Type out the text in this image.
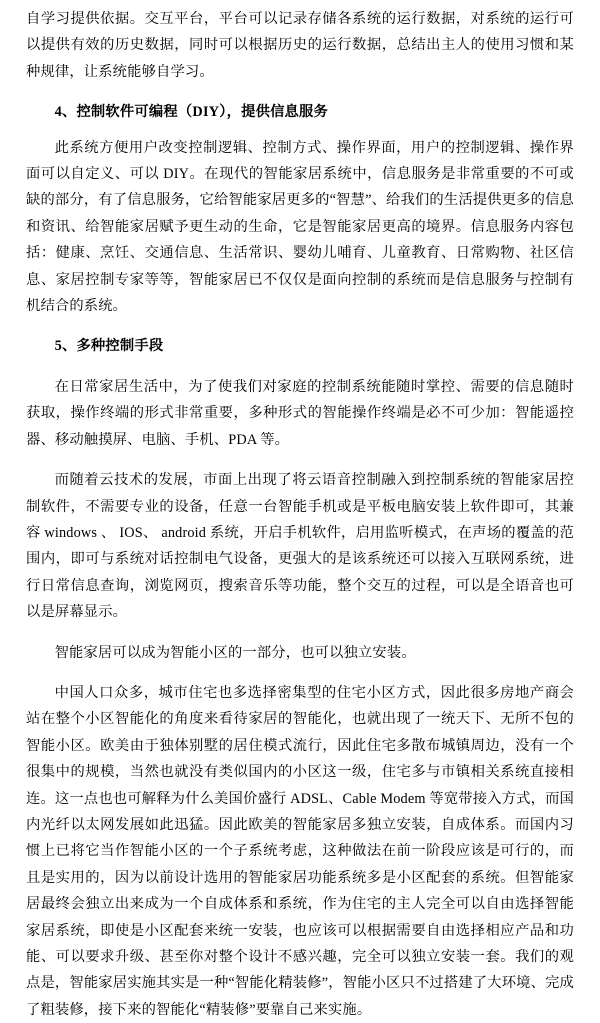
自学习提供依据。交互平台，平台可以记录存储各系统的运行数据，对系统的运行可以提供有效的历史数据，同时可以根据历史的运行数据，总结出主人的使用习惯和某种规律，让系统能够自学习。

4、控制软件可编程（DIY），提供信息服务

此系统方便用户改变控制逻辑、控制方式、操作界面，用户的控制逻辑、操作界面可以自定义、可以 DIY。在现代的智能家居系统中，信息服务是非常重要的不可或缺的部分，有了信息服务，它给智能家居更多的“智慧”、给我们的生活提供更多的信息和资讯、给智能家居赋予更生动的生命，它是智能家居更高的境界。信息服务内容包括：健康、烹饪、交通信息、生活常识、婴幼儿哺育、儿童教育、日常购物、社区信息、家居控制专家等等，智能家居已不仅仅是面向控制的系统而是信息服务与控制有机结合的系统。

5、多种控制手段

在日常家居生活中，为了使我们对家庭的控制系统能随时掌控、需要的信息随时获取，操作终端的形式非常重要，多种形式的智能操作终端是必不可少加：智能遥控器、移动触摸屏、电脑、手机、PDA 等。

而随着云技术的发展，市面上出现了将云语音控制融入到控制系统的智能家居控制软件，不需要专业的设备，任意一台智能手机或是平板电脑安装上软件即可，其兼容 windows 、 IOS、 android 系统，开启手机软件，启用监听模式，在声场的覆盖的范围内，即可与系统对话控制电气设备，更强大的是该系统还可以接入互联网系统，进行日常信息查询，浏览网页，搜索音乐等功能，整个交互的过程，可以是全语音也可以是屏幕显示。

智能家居可以成为智能小区的一部分，也可以独立安装。

中国人口众多，城市住宅也多选择密集型的住宅小区方式，因此很多房地产商会站在整个小区智能化的角度来看待家居的智能化，也就出现了一统天下、无所不包的智能小区。欧美由于独体别墅的居住模式流行，因此住宅多散布城镇周边，没有一个很集中的规模，当然也就没有类似国内的小区这一级，住宅多与市镇相关系统直接相连。这一点也也可解释为什么美国价盛行 ADSL、Cable Modem 等宽带接入方式，而国内光纤以太网发展如此迅猛。因此欧美的智能家居多独立安装，自成体系。而国内习惯上已将它当作智能小区的一个子系统考虑，这种做法在前一阶段应该是可行的，而且是实用的，因为以前设计选用的智能家居功能系统多是小区配套的系统。但智能家居最终会独立出来成为一个自成体系和系统，作为住宅的主人完全可以自由选择智能家居系统，即使是小区配套来统一安装，也应该可以根据需要自由选择相应产品和功能、可以要求升级、甚至你对整个设计不感兴趣，完全可以独立安装一套。我们的观点是，智能家居实施其实是一种“智能化精装修”，智能小区只不过搭建了大环境、完成了粗装修，接下来的智能化“精装修”要靠自己来实施。
